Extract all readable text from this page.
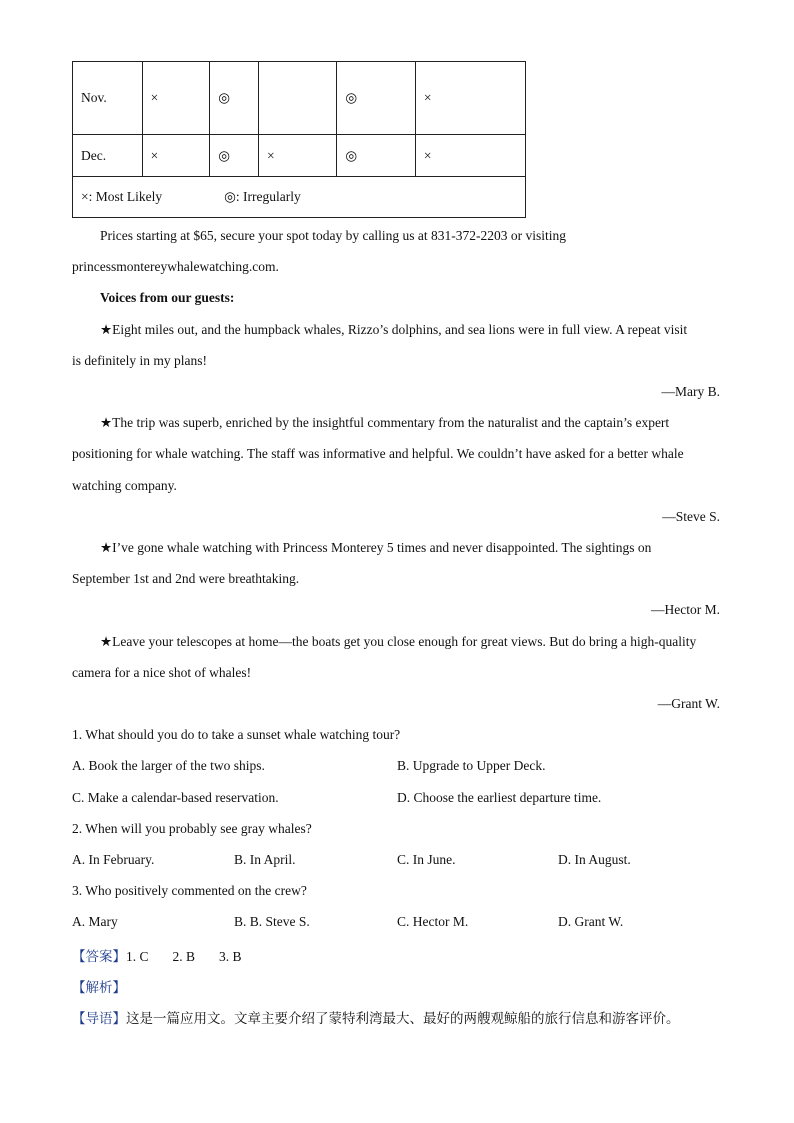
Nov.	×	◎		◎	×
Dec.	×	◎	×	◎	×
×: Most Likely ◎: Irregularly					
Prices starting at $65, secure your spot today by calling us at 831-372-2203 or visiting
princessmontereywhalewatching.com.
Voices from our guests:
★Eight miles out, and the humpback whales, Rizzo’s dolphins, and sea lions were in full view. A repeat visit
is definitely in my plans!
—Mary B.
★The trip was superb, enriched by the insightful commentary from the naturalist and the captain’s expert
positioning for whale watching. The staff was informative and helpful. We couldn’t have asked for a better whale
watching company.
—Steve S.
★I’ve gone whale watching with Princess Monterey 5 times and never disappointed. The sightings on
September 1st and 2nd were breathtaking.
—Hector M.
★Leave your telescopes at home—the boats get you close enough for great views. But do bring a high-quality
camera for a nice shot of whales!
—Grant W.
1. What should you do to take a sunset whale watching tour?
A. Book the larger of the two ships.	B. Upgrade to Upper Deck.
C. Make a calendar-based reservation.	D. Choose the earliest departure time.
2. When will you probably see gray whales?
A. In February.	B. In April.	C. In June.	D. In August.
3. Who positively commented on the crew?
A. Mary	B. B. Steve S.	C. Hector M.	D. Grant W.
【答案】1. C 2. B 3. B
【解析】
【导语】这是一篇应用文。文章主要介绍了蒙特利湾最大、最好的两艘观鲸船的旅行信息和游客评价。
